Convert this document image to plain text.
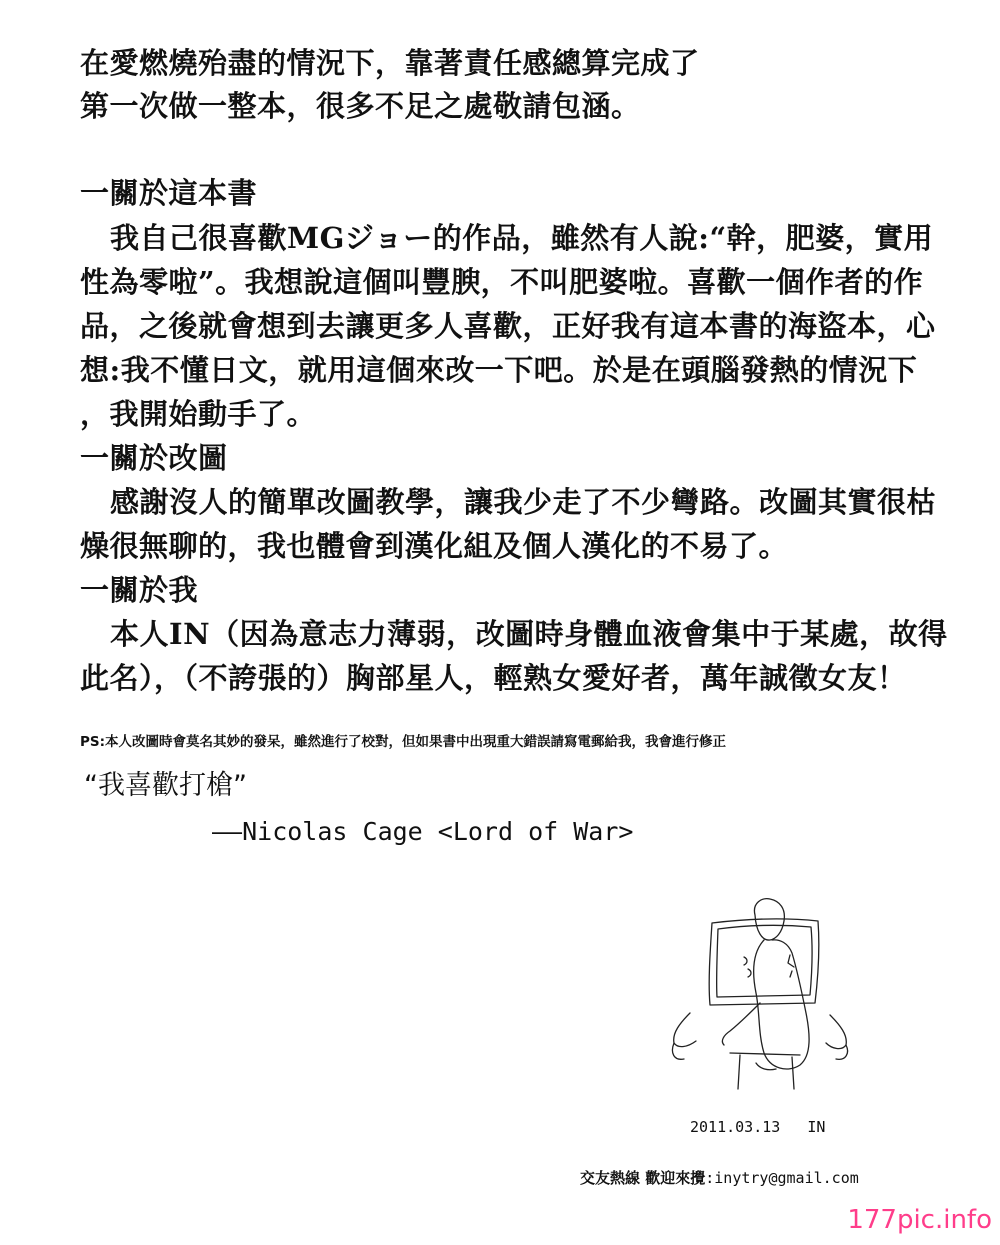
在愛燃燒殆盡的情況下，靠著責任感總算完成了
第一次做一整本，很多不足之處敬請包涵。
一關於這本書
我自己很喜歡MGジョー的作品，雖然有人說:“幹，肥婆，實用
性為零啦”。我想說這個叫豐腴，不叫肥婆啦。喜歡一個作者的作
品，之後就會想到去讓更多人喜歡，正好我有這本書的海盜本，心
想:我不懂日文，就用這個來改一下吧。於是在頭腦發熱的情況下
，我開始動手了。
一關於改圖
感謝沒人的簡單改圖教學，讓我少走了不少彎路。改圖其實很枯
燥很無聊的，我也體會到漢化組及個人漢化的不易了。
一關於我
本人IN（因為意志力薄弱，改圖時身體血液會集中于某處，故得
此名），（不誇張的）胸部星人，輕熟女愛好者，萬年誠徵女友！
PS:本人改圖時會莫名其妙的發呆，雖然進行了校對，但如果書中出現重大錯誤請寫電郵給我，我會進行修正
“我喜歡打槍”
——Nicolas Cage <Lord of War>
2011.03.13   IN
交友熱線 歡迎來攪:inytry@gmail.com
177pic.info
